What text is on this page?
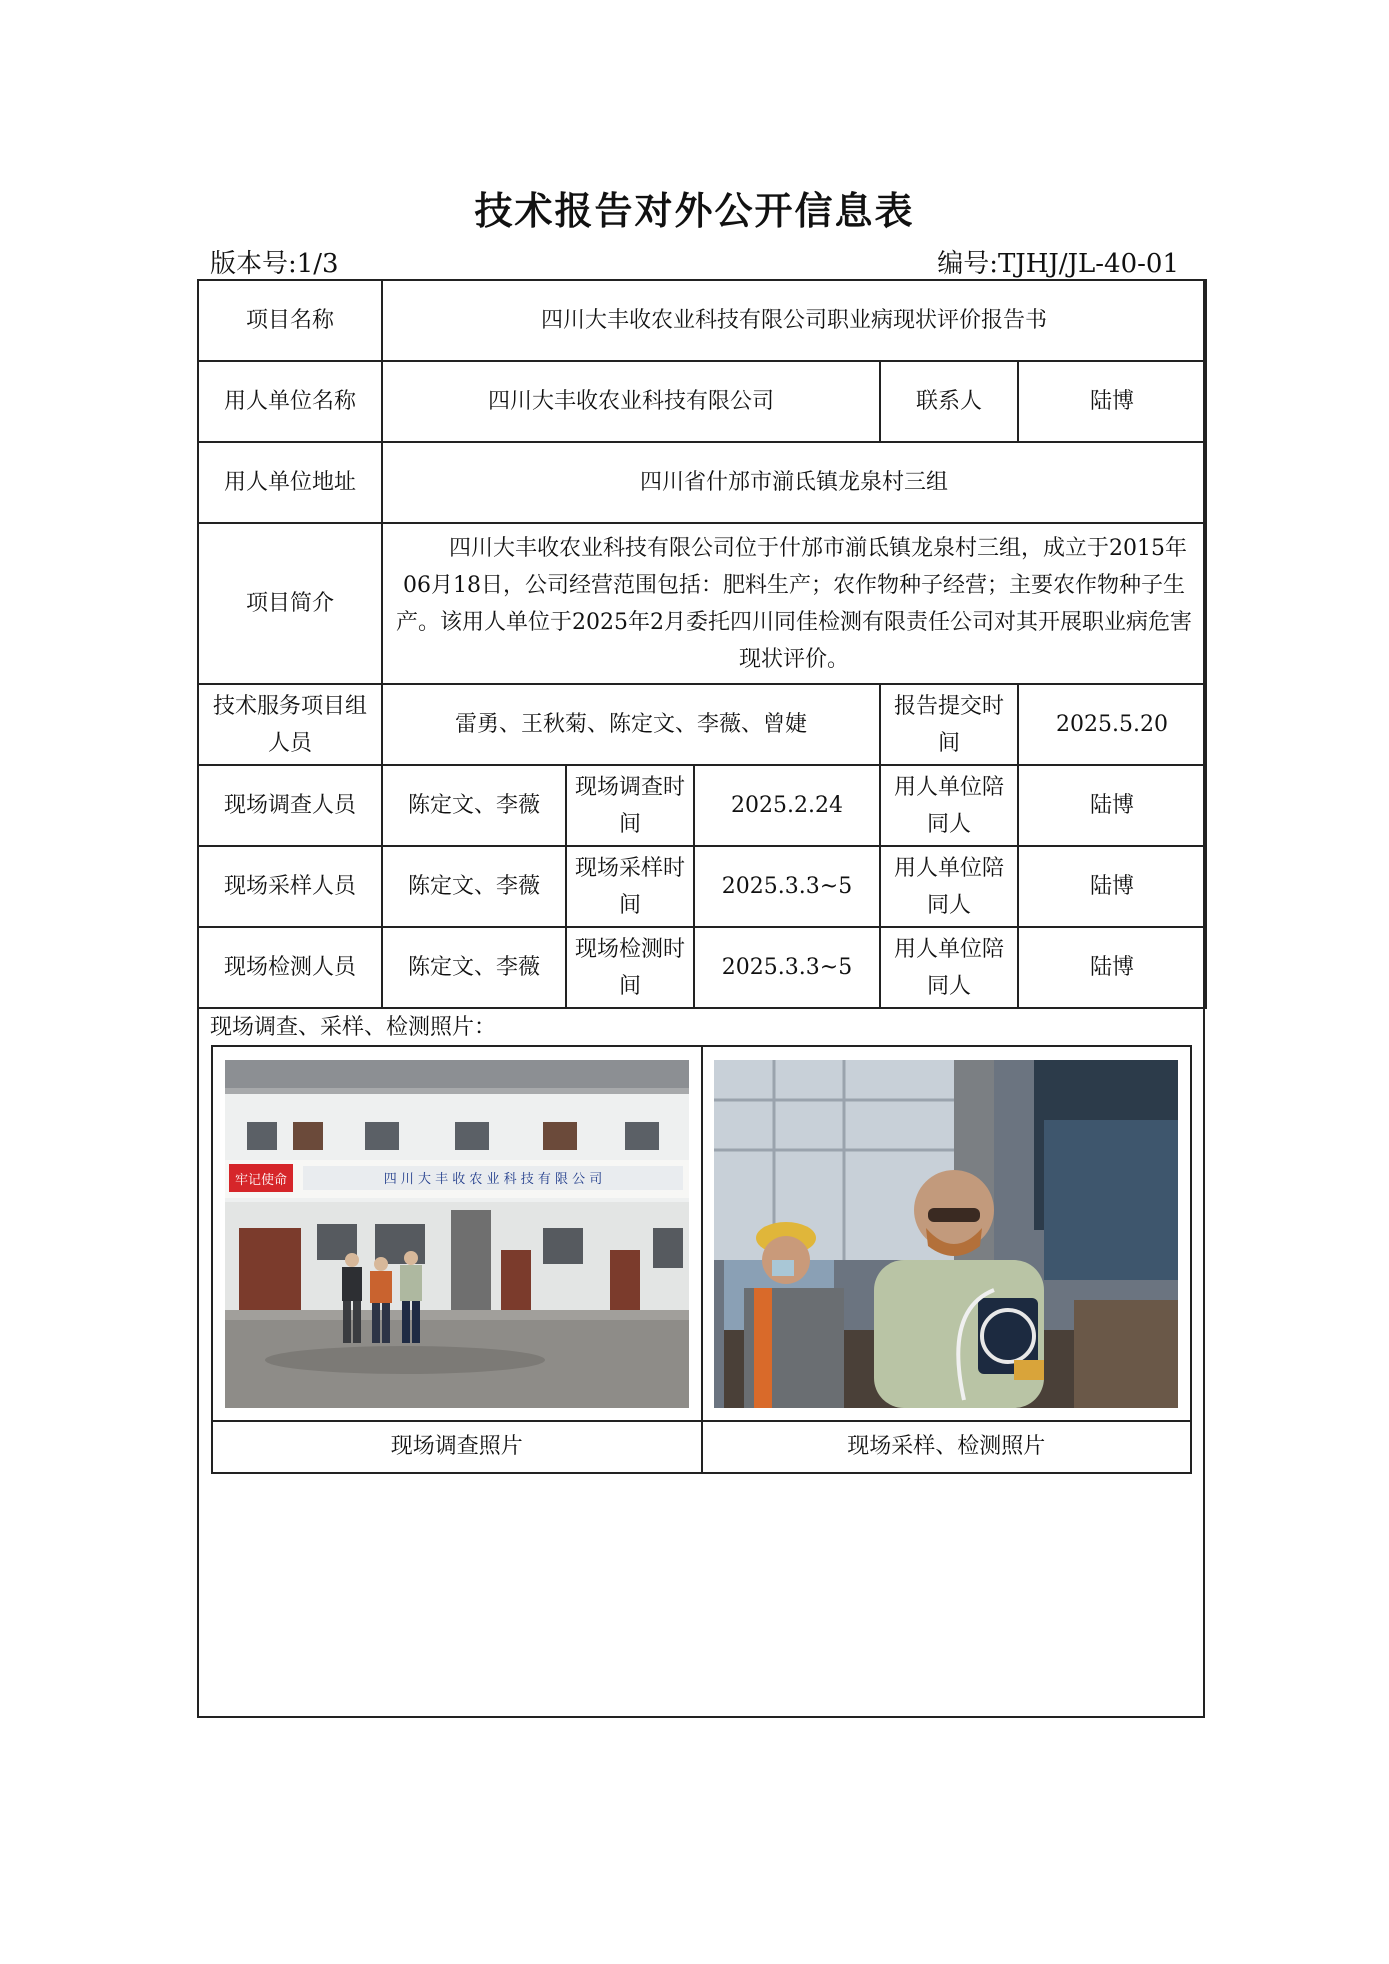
技术报告对外公开信息表
版本号:1/3	编号:TJHJ/JL-40-01
项目名称	四川大丰收农业科技有限公司职业病现状评价报告书				
用人单位名称	四川大丰收农业科技有限公司			联系人	陆博
用人单位地址	四川省什邡市湔氐镇龙泉村三组				
项目简介	四川大丰收农业科技有限公司位于什邡市湔氐镇龙泉村三组，成立于2015年06月18日，公司经营范围包括：肥料生产；农作物种子经营；主要农作物种子生产。该用人单位于2025年2月委托四川同佳检测有限责任公司对其开展职业病危害现状评价。				
技术服务项目组人员	雷勇、王秋菊、陈定文、李薇、曾婕			报告提交时间	2025.5.20
现场调查人员	陈定文、李薇	现场调查时间	2025.2.24	用人单位陪同人	陆博
现场采样人员	陈定文、李薇	现场采样时间	2025.3.3~5	用人单位陪同人	陆博
现场检测人员	陈定文、李薇	现场检测时间	2025.3.3~5	用人单位陪同人	陆博
现场调查、采样、检测照片：
牢记使命 四 川 大 丰 收 农 业 科 技 有 限 公 司

现场调查照片	现场采样、检测照片
